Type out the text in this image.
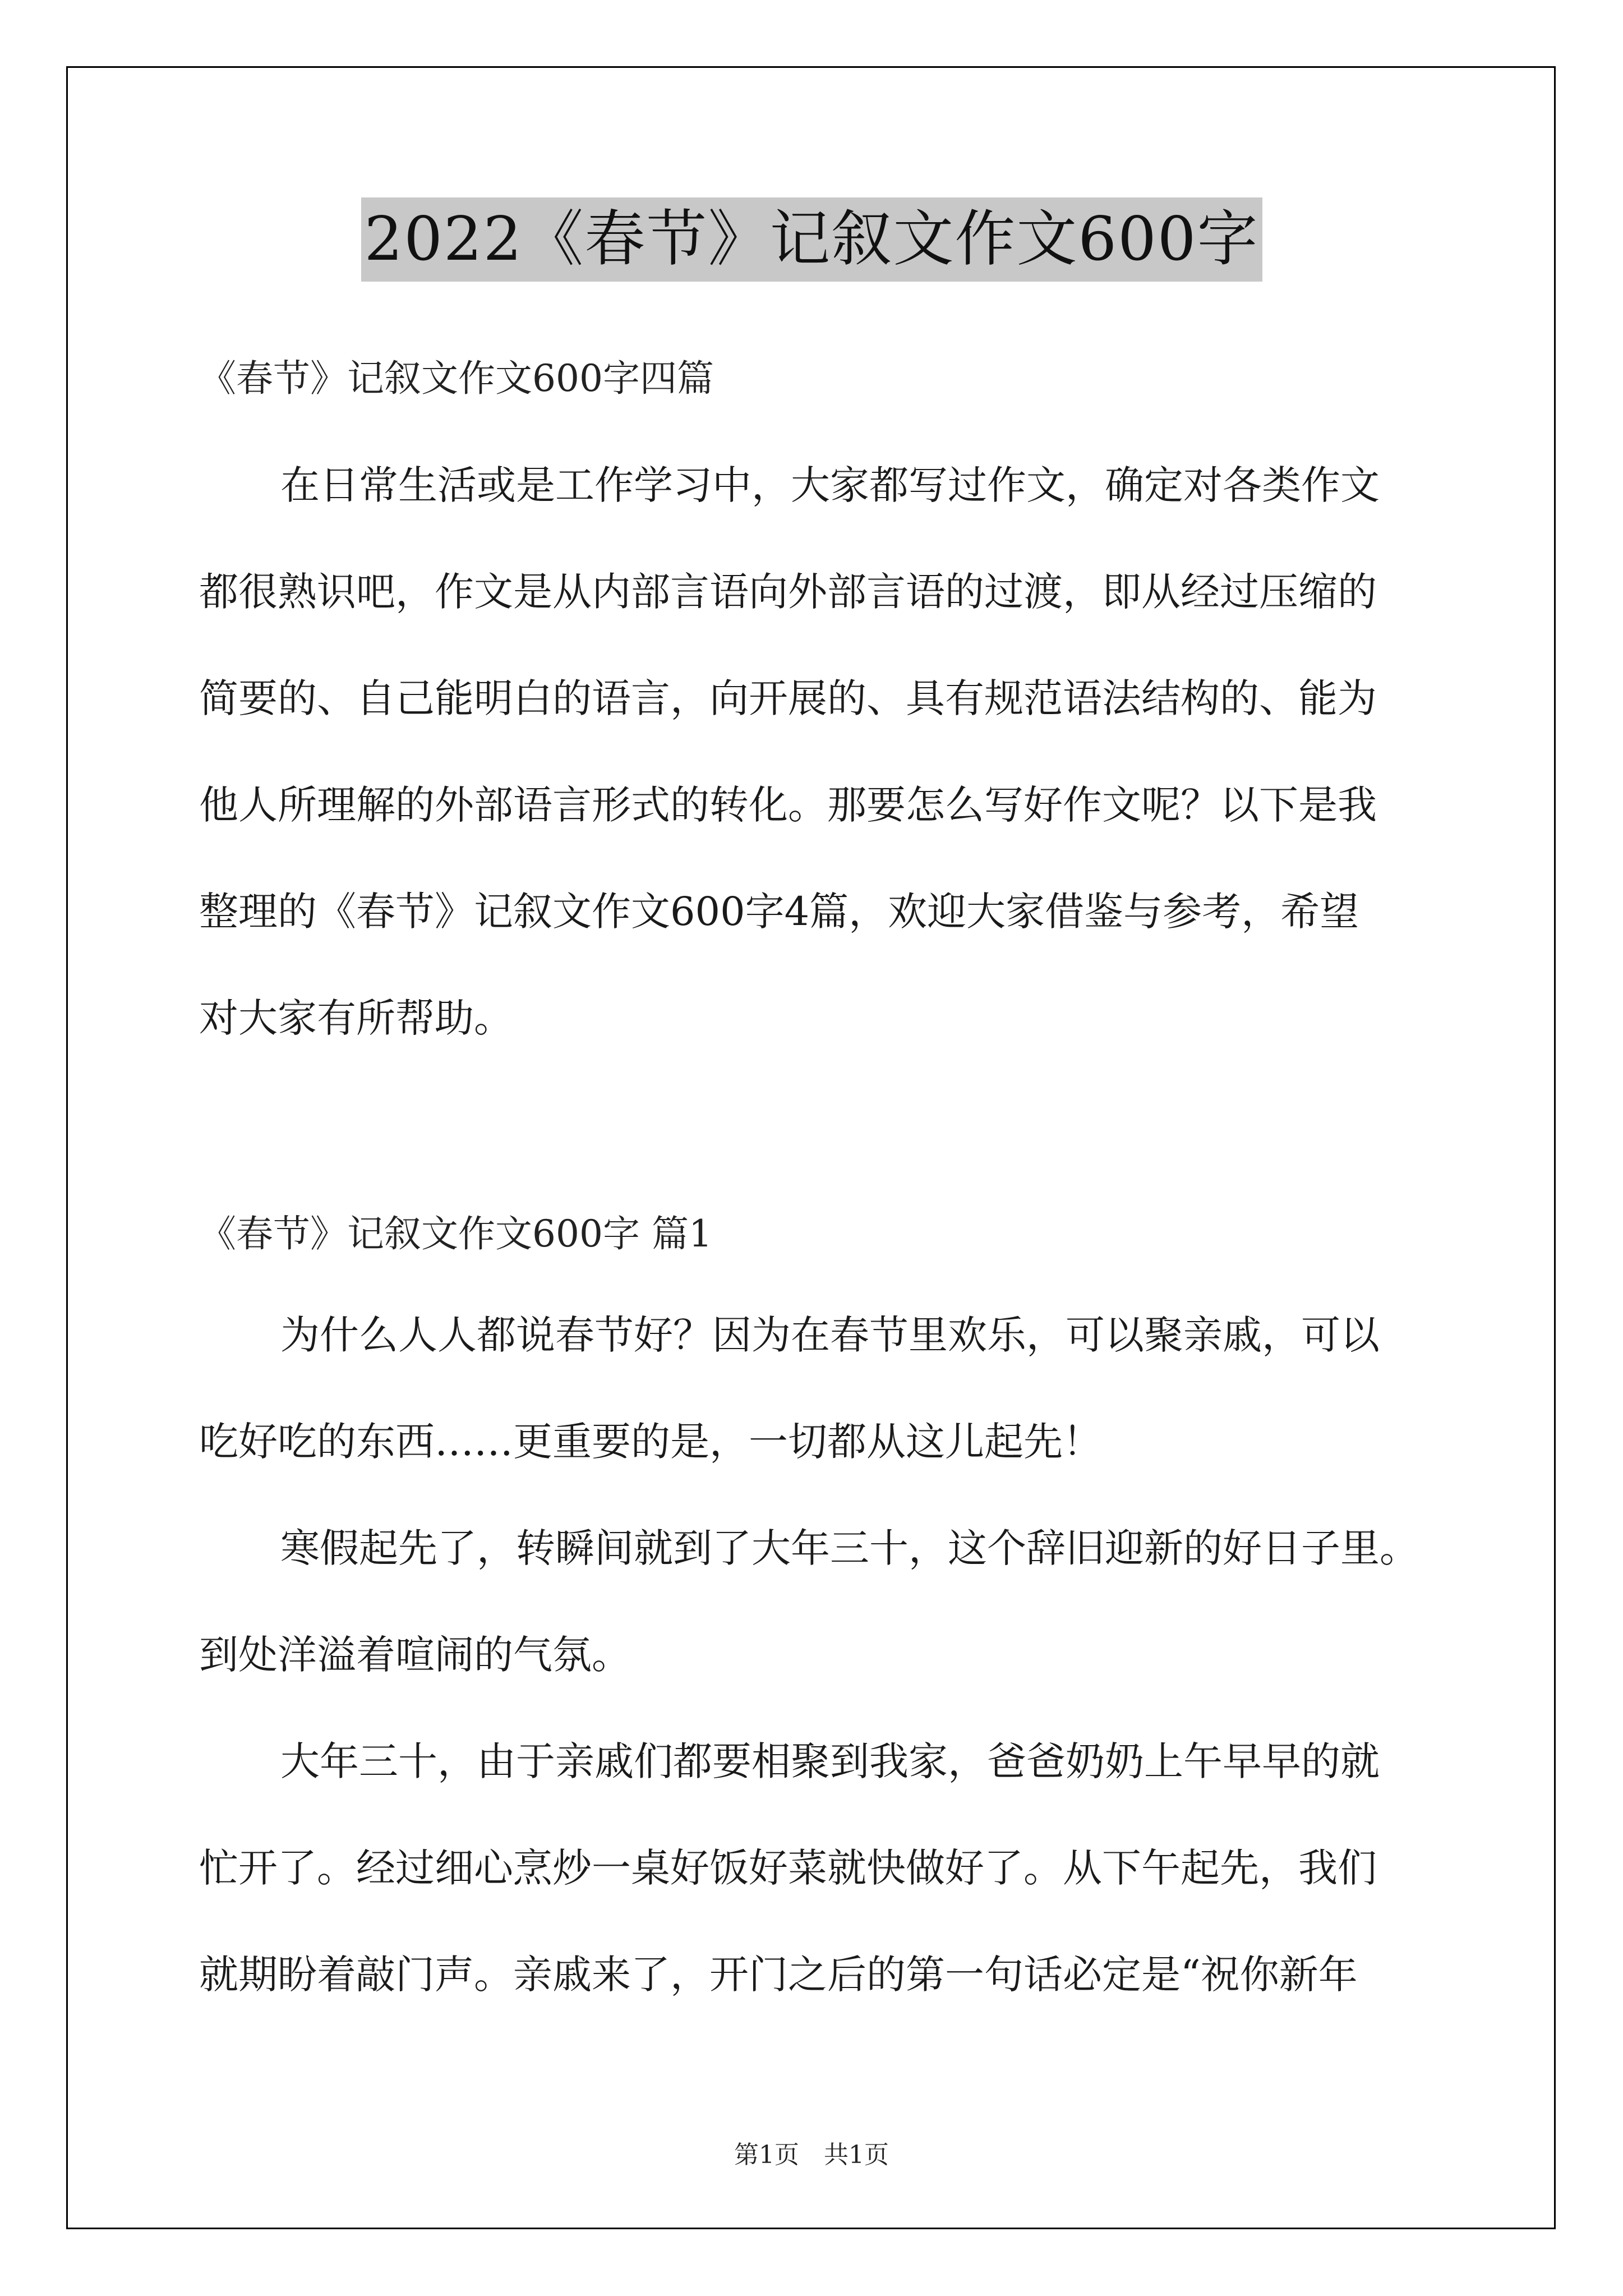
2022《春节》记叙文作文600字
《春节》记叙文作文600字四篇
在日常生活或是工作学习中，大家都写过作文，确定对各类作文
都很熟识吧，作文是从内部言语向外部言语的过渡，即从经过压缩的
简要的、自己能明白的语言，向开展的、具有规范语法结构的、能为
他人所理解的外部语言形式的转化。那要怎么写好作文呢？以下是我
整理的《春节》记叙文作文600字4篇，欢迎大家借鉴与参考，希望
对大家有所帮助。
《春节》记叙文作文600字 篇1
为什么人人都说春节好？因为在春节里欢乐，可以聚亲戚，可以
吃好吃的东西……更重要的是，一切都从这儿起先！
寒假起先了，转瞬间就到了大年三十，这个辞旧迎新的好日子里。
到处洋溢着喧闹的气氛。
大年三十，由于亲戚们都要相聚到我家，爸爸奶奶上午早早的就
忙开了。经过细心烹炒一桌好饭好菜就快做好了。从下午起先，我们
就期盼着敲门声。亲戚来了，开门之后的第一句话必定是“祝你新年
第1页　共1页
